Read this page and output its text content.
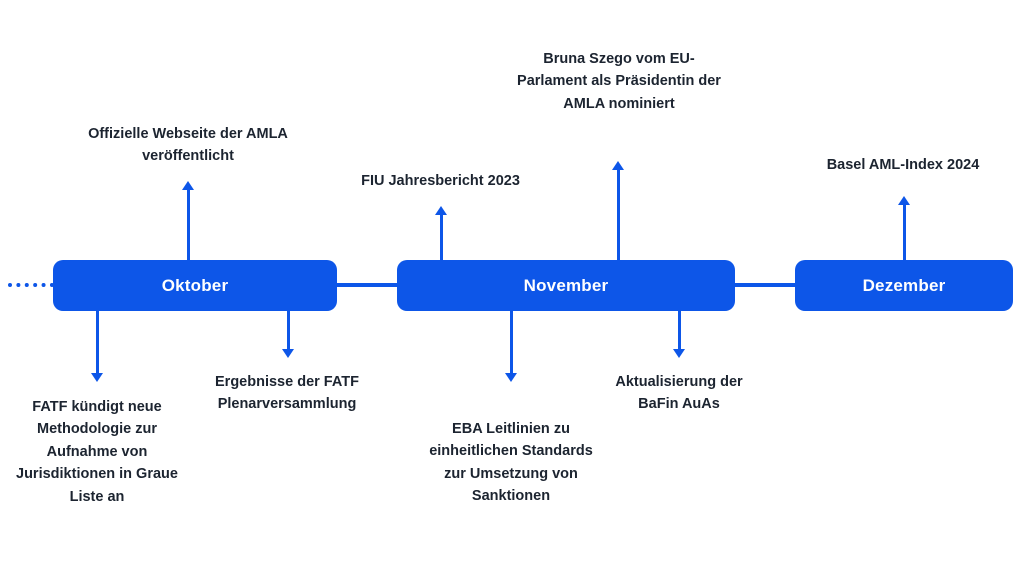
Oktober	November	Dezember
Offizielle Webseite der AMLA veröffentlicht
FIU Jahresbericht 2023
Bruna Szego vom EU-Parlament als Präsidentin der AMLA nominiert
Basel AML-Index 2024
FATF kündigt neue Methodologie zur Aufnahme von Jurisdiktionen in Graue Liste an
Ergebnisse der FATF Plenarversammlung
EBA Leitlinien zu einheitlichen Standards zur Umsetzung von Sanktionen
Aktualisierung der BaFin AuAs
